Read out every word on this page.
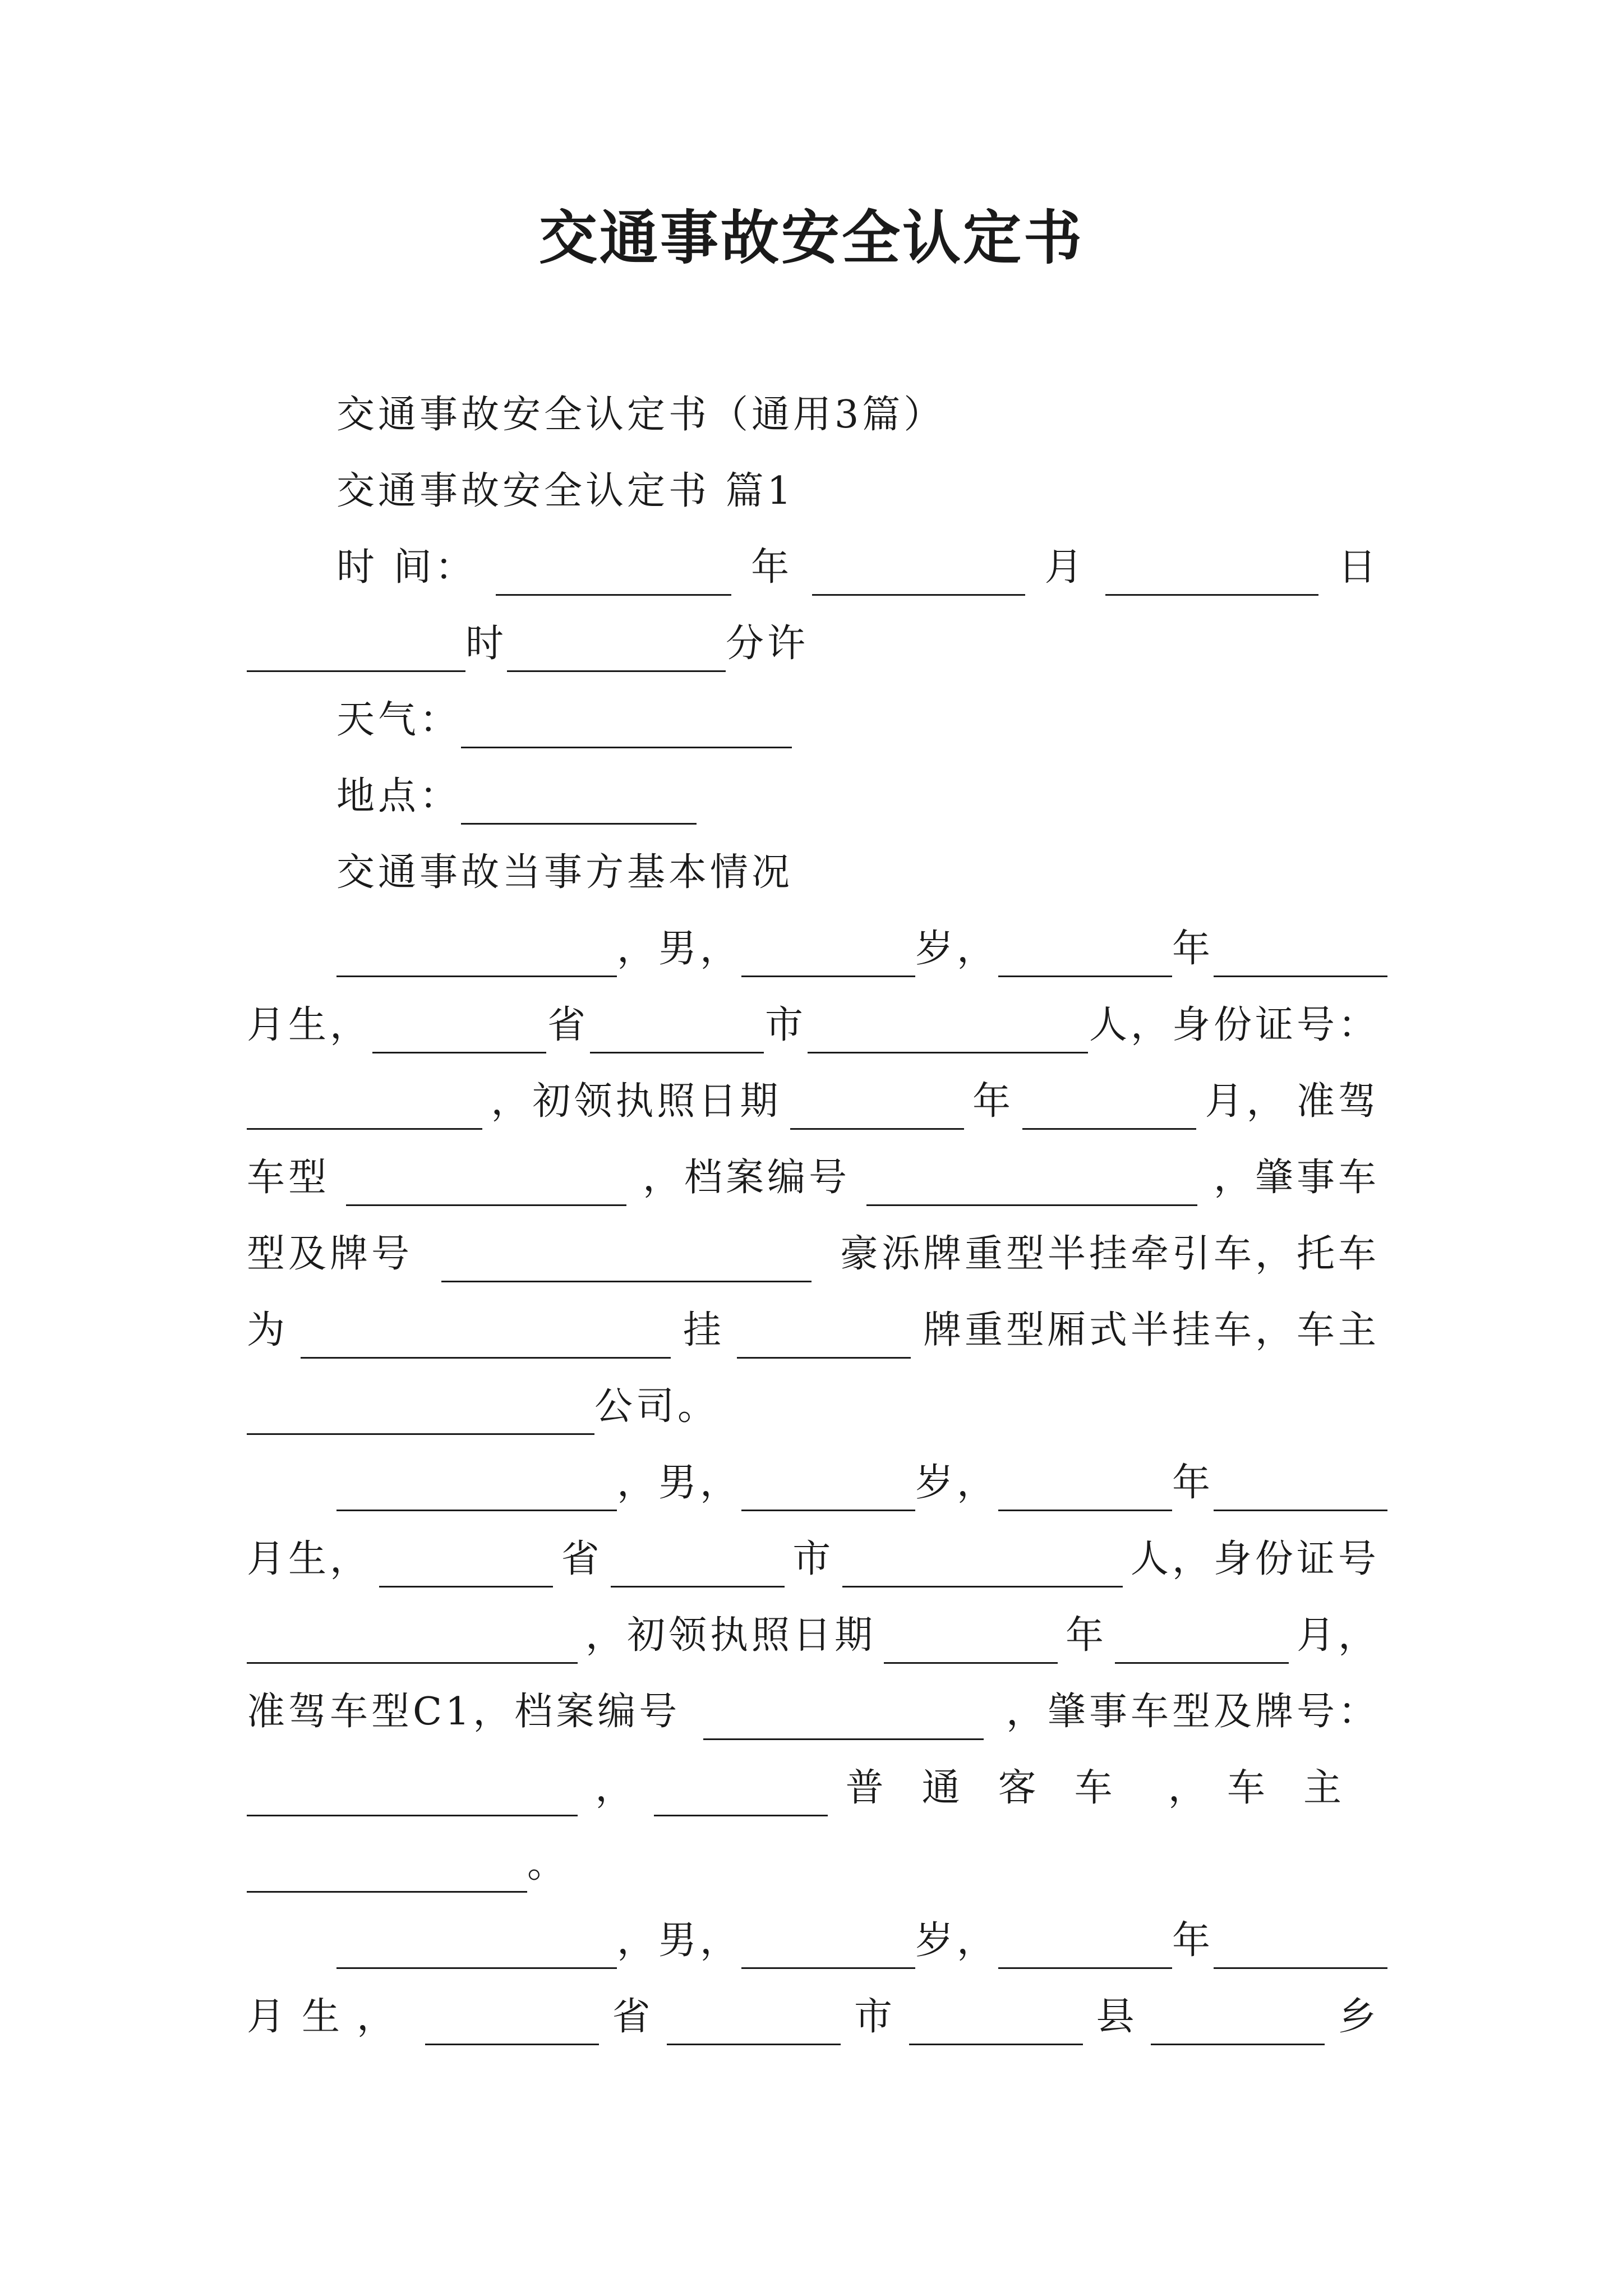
交通事故安全认定书
交通事故安全认定书（通用3篇）
交通事故安全认定书 篇1
时 间：	年	月	日
时	分许
天气：
地点：
交通事故当事方基本情况
，男，	岁，	年
月生，	省	市	人，身份证号：
，初领执照日期	年	月， 准驾
车型	，档案编号	，肇事车
型及牌号	豪泺牌重型半挂牵引车，托车
为	挂	牌重型厢式半挂车，车主
公司。
，男，	岁，	年
月生，	省	市	人，身份证号
，初领执照日期	年	月，
准驾车型C1，档案编号	，肇事车型及牌号：
，	普通客车 ， 车主
。
，男，	岁，	年
月生，	省	市	县	乡
